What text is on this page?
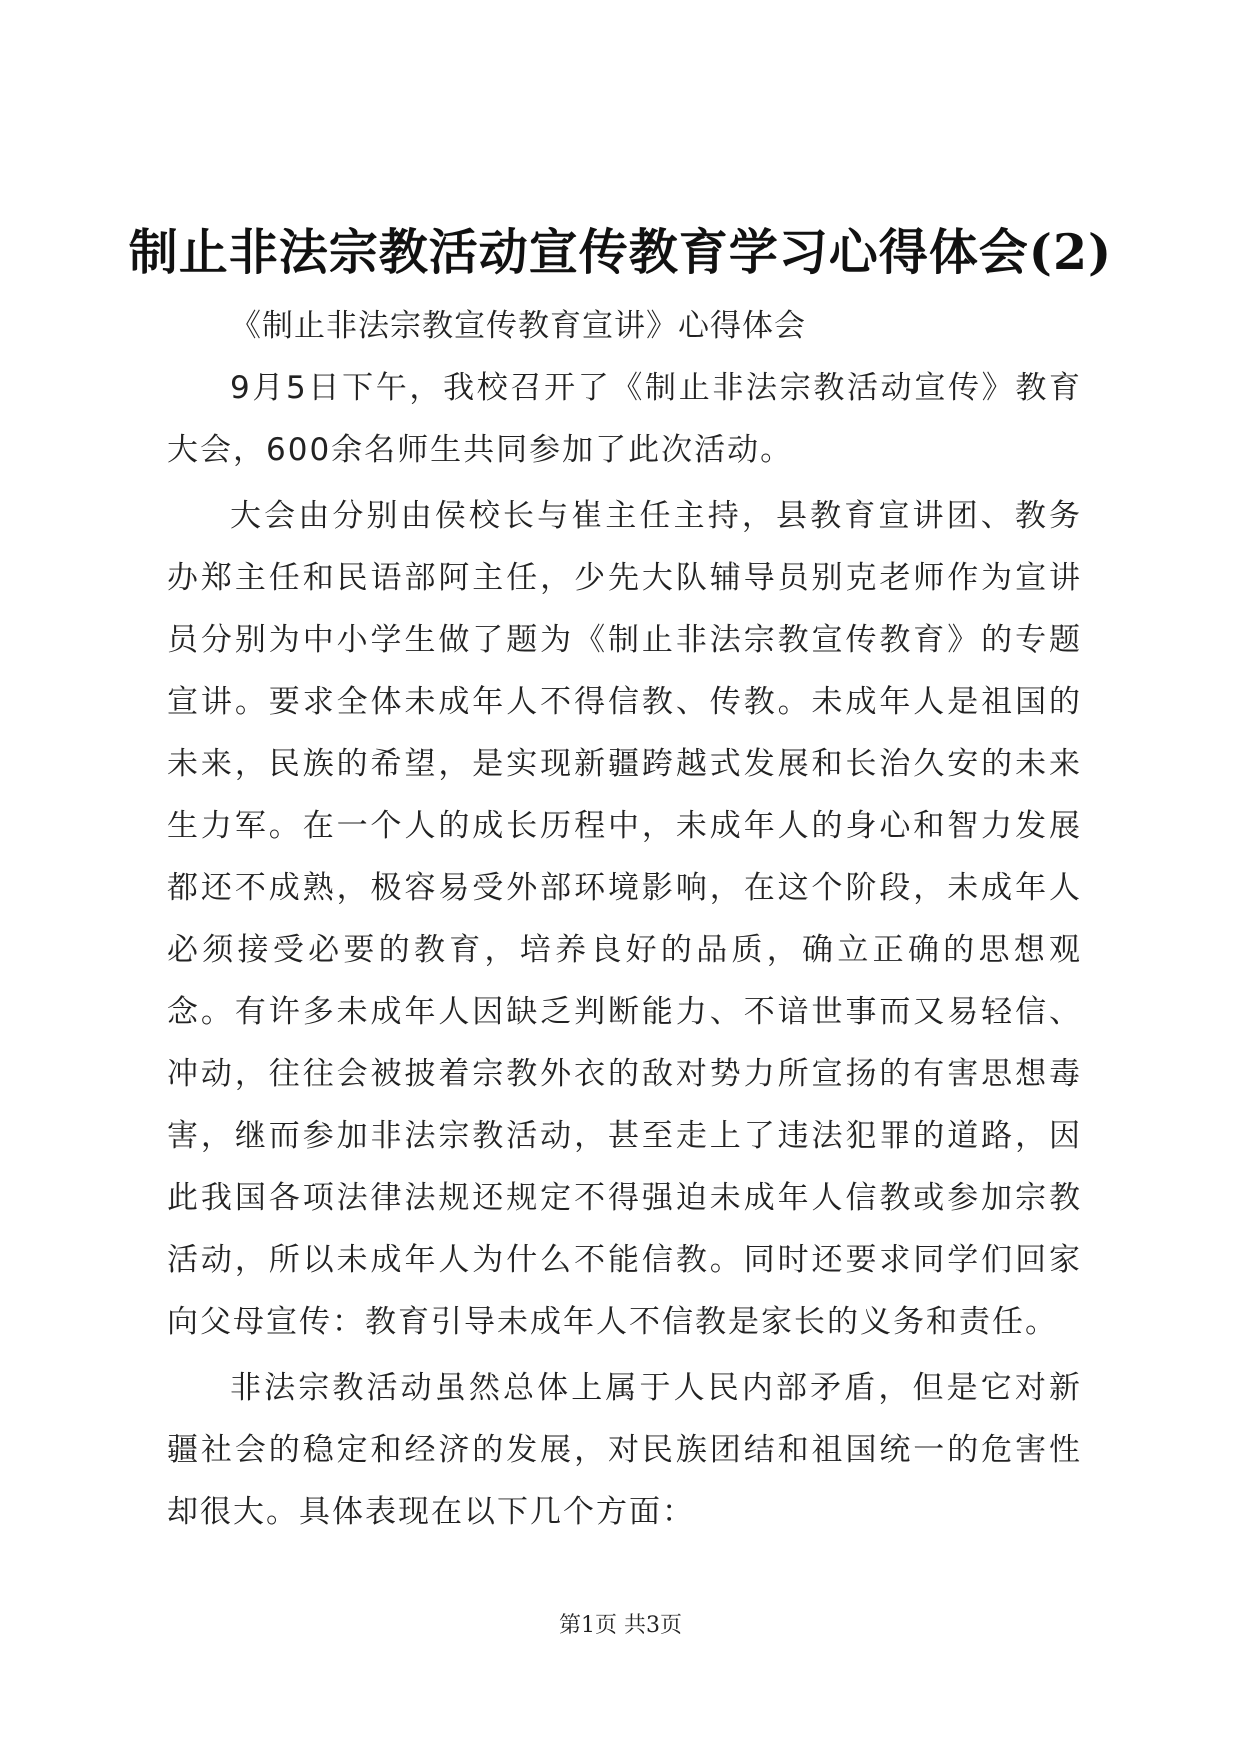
制止非法宗教活动宣传教育学习心得体会(2)

《制止非法宗教宣传教育宣讲》心得体会

9月5日下午，我校召开了《制止非法宗教活动宣传》教育大会，600余名师生共同参加了此次活动。

大会由分别由侯校长与崔主任主持，县教育宣讲团、教务办郑主任和民语部阿主任，少先大队辅导员别克老师作为宣讲员分别为中小学生做了题为《制止非法宗教宣传教育》的专题宣讲。要求全体未成年人不得信教、传教。未成年人是祖国的未来，民族的希望，是实现新疆跨越式发展和长治久安的未来生力军。在一个人的成长历程中，未成年人的身心和智力发展都还不成熟，极容易受外部环境影响，在这个阶段，未成年人必须接受必要的教育，培养良好的品质，确立正确的思想观念。有许多未成年人因缺乏判断能力、不谙世事而又易轻信、冲动，往往会被披着宗教外衣的敌对势力所宣扬的有害思想毒害，继而参加非法宗教活动，甚至走上了违法犯罪的道路，因此我国各项法律法规还规定不得强迫未成年人信教或参加宗教活动，所以未成年人为什么不能信教。同时还要求同学们回家向父母宣传：教育引导未成年人不信教是家长的义务和责任。

非法宗教活动虽然总体上属于人民内部矛盾，但是它对新疆社会的稳定和经济的发展，对民族团结和祖国统一的危害性却很大。具体表现在以下几个方面：

第1页 共3页
